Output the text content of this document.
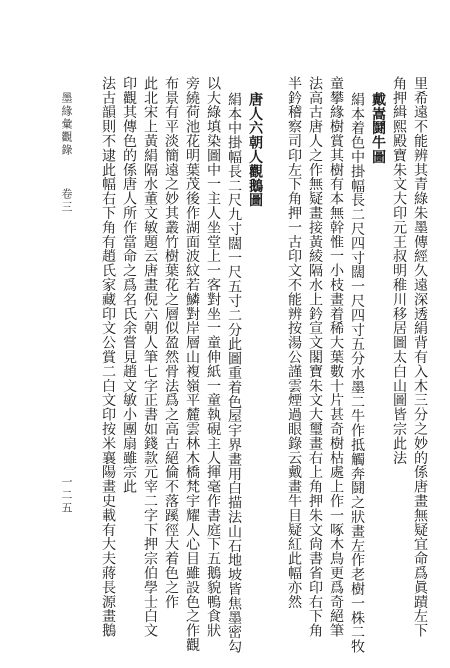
里希遠不能辨其青綠朱墨傳經久遠深透絹背有入木三分之妙的係唐畫無疑宜命爲眞蹟左下
角押緝熙殿寶朱文大印元王叔明稚川移居圖太白山圖皆宗此法
戴嵩鬪牛圖
絹本着色中掛幅長二尺四寸闊一尺四寸五分水墨二牛作抵觸奔鬪之狀畫左作老樹一株二牧
童攀緣樹賞其樹有本無幹惟一小枝畫着稀大葉數十片甚奇樹枯處上作一啄木鳥更爲奇絕筆
法高古唐人之作無疑畫接黃綾隔水上鈐宣文閣寶朱文大璽畫右上角押朱文尙書省印右下角
半鈐稽察司印左下角押一古印文不能辨按湯公謹雲煙過眼錄云戴畫牛目疑紅此幅亦然
唐人六朝人觀鵝圖
絹本中掛幅長二尺九寸闊一尺五寸二分此圖重着色屋宇界畫用白描法山石地坡皆焦墨密勾
以大綠填染圖中一主人坐堂上一客對坐一童伸紙一童執硯主人揮毫作書庭下五鵝貌鴨食狀
旁繞荷池花明葉茂後作湖面波紋若鱗對岸層山複嶺平麓雲林木橋梵宇耀人心目雖設色之作觀
布景有平淡簡遠之妙其叢竹樹葉花之層似盈然骨法爲之高古絕倫不落蹊徑大着色之作
此北宋上黃絹隔水董文敏題云唐畫倪六朝人筆七字正書如錢款元宰二字下押宗伯學士白文
印觀其傳色的係唐人所作當命之爲名氏余嘗見趙文敏小團扇雖宗此
法古韻則不逮此幅右下角有趙氏家藏印文公賞二白文印按米襄陽畫史載有大夫蔣長源畫鵝
墨緣彙觀錄
卷三
一二五
